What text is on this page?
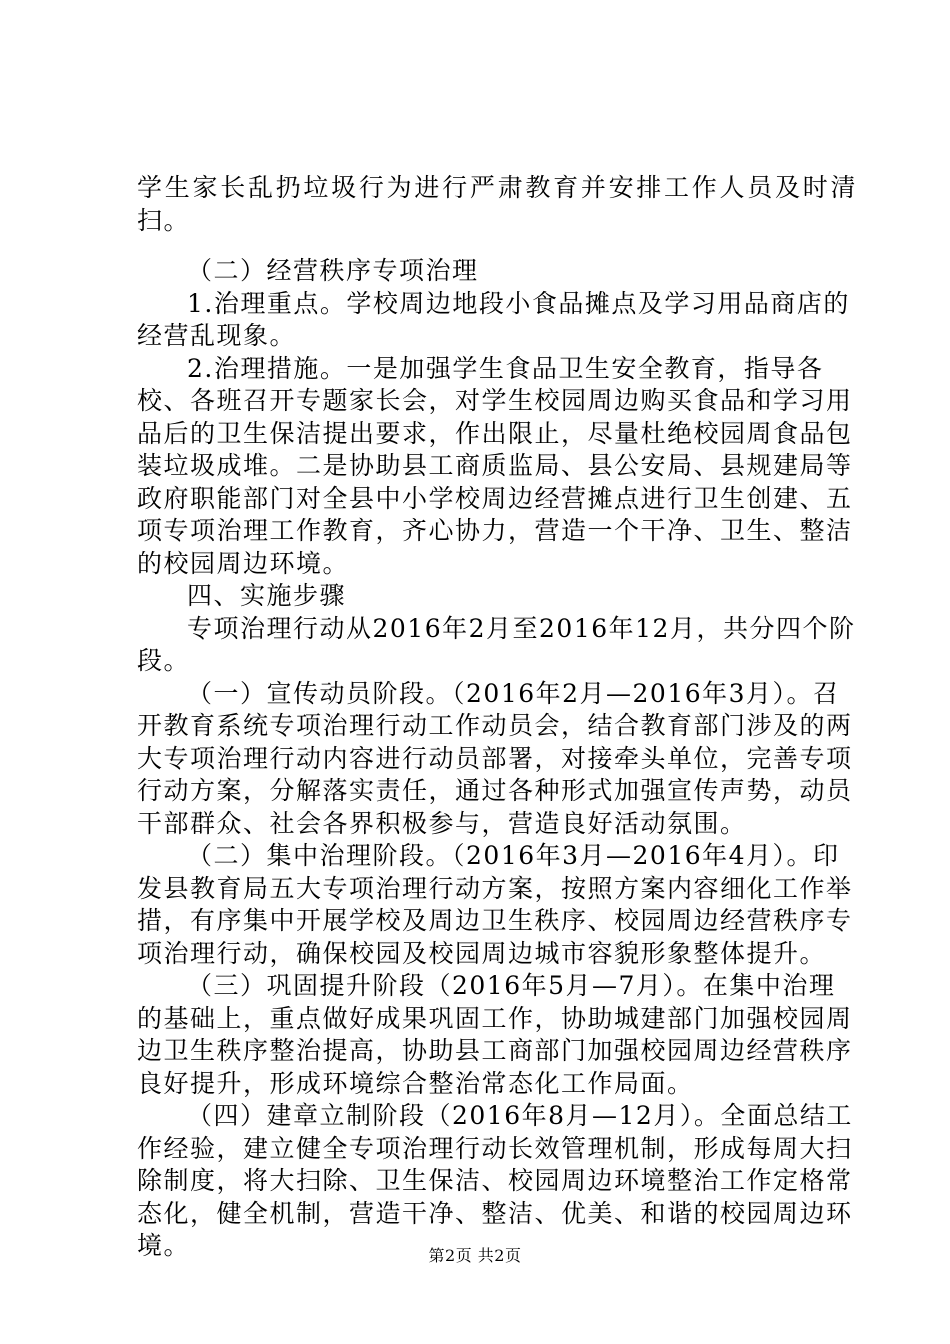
学生家长乱扔垃圾行为进行严肃教育并安排工作人员及时清扫。

（二）经营秩序专项治理

1.治理重点。学校周边地段小食品摊点及学习用品商店的经营乱现象。

2.治理措施。一是加强学生食品卫生安全教育，指导各校、各班召开专题家长会，对学生校园周边购买食品和学习用品后的卫生保洁提出要求，作出限止，尽量杜绝校园周食品包装垃圾成堆。二是协助县工商质监局、县公安局、县规建局等政府职能部门对全县中小学校周边经营摊点进行卫生创建、五项专项治理工作教育，齐心协力，营造一个干净、卫生、整洁的校园周边环境。

四、实施步骤

专项治理行动从2016年2月至2016年12月，共分四个阶段。

（一）宣传动员阶段。（2016年2月—2016年3月）。召开教育系统专项治理行动工作动员会，结合教育部门涉及的两大专项治理行动内容进行动员部署，对接牵头单位，完善专项行动方案，分解落实责任，通过各种形式加强宣传声势，动员干部群众、社会各界积极参与，营造良好活动氛围。

（二）集中治理阶段。（2016年3月—2016年4月）。印发县教育局五大专项治理行动方案，按照方案内容细化工作举措，有序集中开展学校及周边卫生秩序、校园周边经营秩序专项治理行动，确保校园及校园周边城市容貌形象整体提升。

（三）巩固提升阶段（2016年5月—7月）。在集中治理的基础上，重点做好成果巩固工作，协助城建部门加强校园周边卫生秩序整治提高，协助县工商部门加强校园周边经营秩序良好提升，形成环境综合整治常态化工作局面。

（四）建章立制阶段（2016年8月—12月）。全面总结工作经验，建立健全专项治理行动长效管理机制，形成每周大扫除制度，将大扫除、卫生保洁、校园周边环境整治工作定格常态化，健全机制，营造干净、整洁、优美、和谐的校园周边环境。	第2页 共2页
